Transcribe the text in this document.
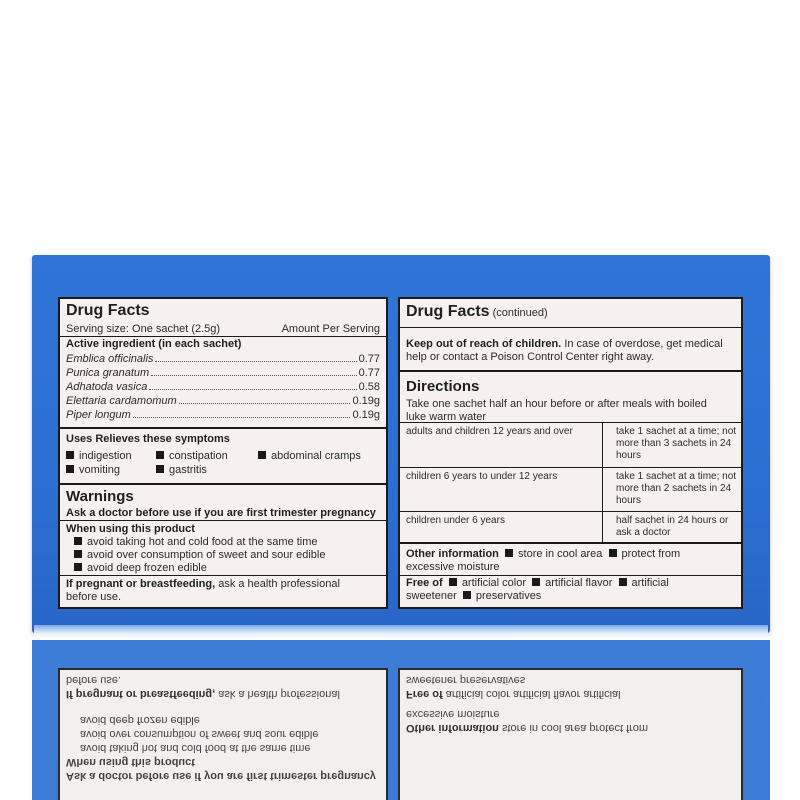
Drug Facts
Serving size: One sachet (2.5g)	Amount Per Serving
Active ingredient (in each sachet)
Emblica officinalis	0.77
Punica granatum	0.77
Adhatoda vasica	0.58
Elettaria cardamomum	0.19g
Piper longum	0.19g
Uses Relieves these symptoms
indigestion	constipation	abdominal cramps
vomiting	gastritis
Warnings
Ask a doctor before use if you are first trimester pregnancy
When using this product
avoid taking hot and cold food at the same time
avoid over consumption of sweet and sour edible
avoid deep frozen edible
If pregnant or breastfeeding, ask a health professional
before use.
Drug Facts (continued)
Keep out of reach of children. In case of overdose, get medical
help or contact a Poison Control Center right away.
Directions
Take one sachet half an hour before or after meals with boiled
luke warm water
adults and children 12 years and over	take 1 sachet at a time; not more than 3 sachets in 24 hours
children 6 years to under 12 years	take 1 sachet at a time; not more than 2 sachets in 24 hours
children under 6 years	half sachet in 24 hours or ask a doctor
Other information store in cool area protect from
excessive moisture
Free of artificial color artificial flavor artificial
sweetener preservatives
before use.
If pregnant or breastfeeding, ask a health professional
avoid deep frozen edible
avoid over consumption of sweet and sour edible
avoid taking hot and cold food at the same time
When using this product
Ask a doctor before use if you are first trimester pregnancy
sweetener preservatives
Free of artificial color artificial flavor artificial
excessive moisture
Other information store in cool area protect from
